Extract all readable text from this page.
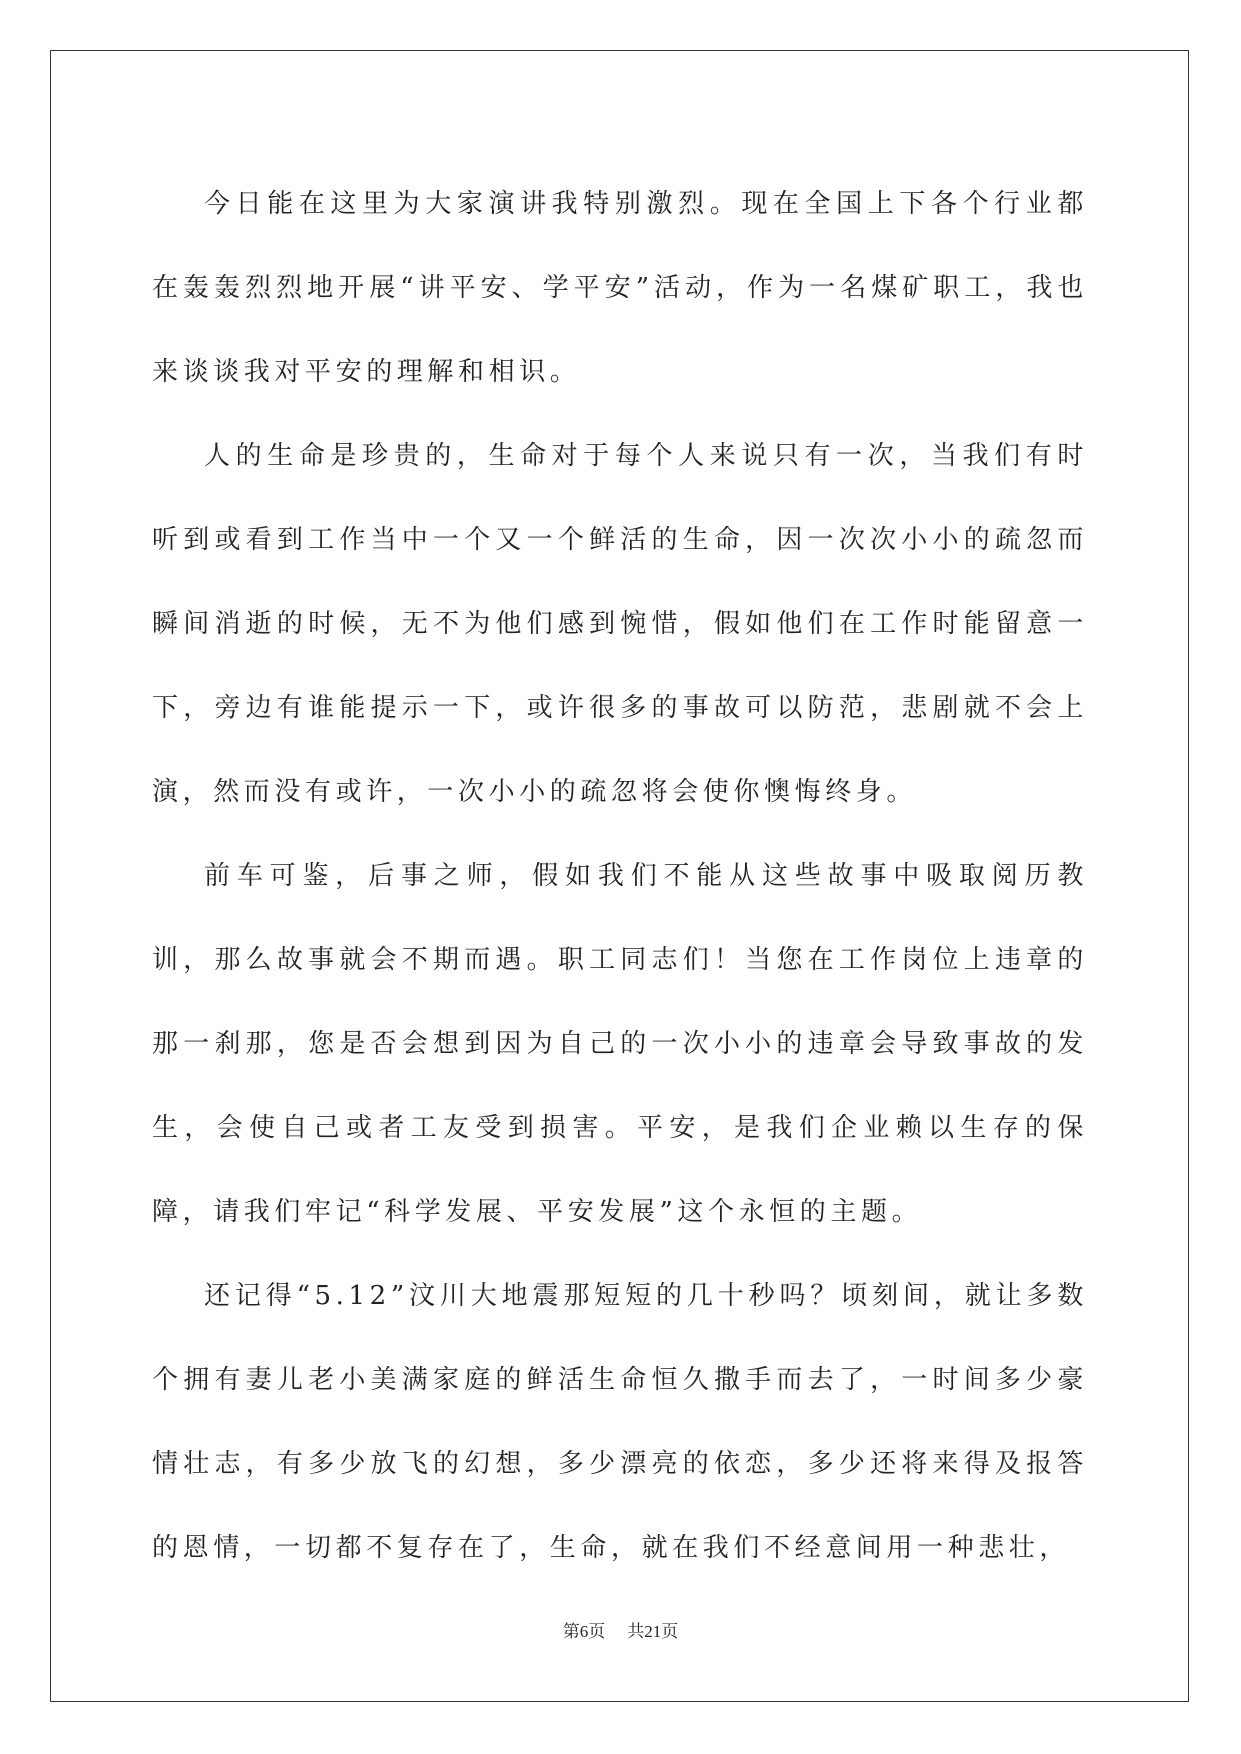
今日能在这里为大家演讲我特别激烈。现在全国上下各个行业都在轰轰烈烈地开展“讲平安、学平安”活动，作为一名煤矿职工，我也来谈谈我对平安的理解和相识。

人的生命是珍贵的，生命对于每个人来说只有一次，当我们有时听到或看到工作当中一个又一个鲜活的生命，因一次次小小的疏忽而瞬间消逝的时候，无不为他们感到惋惜，假如他们在工作时能留意一下，旁边有谁能提示一下，或许很多的事故可以防范，悲剧就不会上演，然而没有或许，一次小小的疏忽将会使你懊悔终身。

前车可鉴，后事之师，假如我们不能从这些故事中吸取阅历教训，那么故事就会不期而遇。职工同志们！当您在工作岗位上违章的那一刹那，您是否会想到因为自己的一次小小的违章会导致事故的发生，会使自己或者工友受到损害。平安，是我们企业赖以生存的保障，请我们牢记“科学发展、平安发展”这个永恒的主题。

还记得“5.12”汶川大地震那短短的几十秒吗？顷刻间，就让多数个拥有妻儿老小美满家庭的鲜活生命恒久撒手而去了，一时间多少豪情壮志，有多少放飞的幻想，多少漂亮的依恋，多少还将来得及报答的恩情，一切都不复存在了，生命，就在我们不经意间用一种悲壮，

第6页 共21页
